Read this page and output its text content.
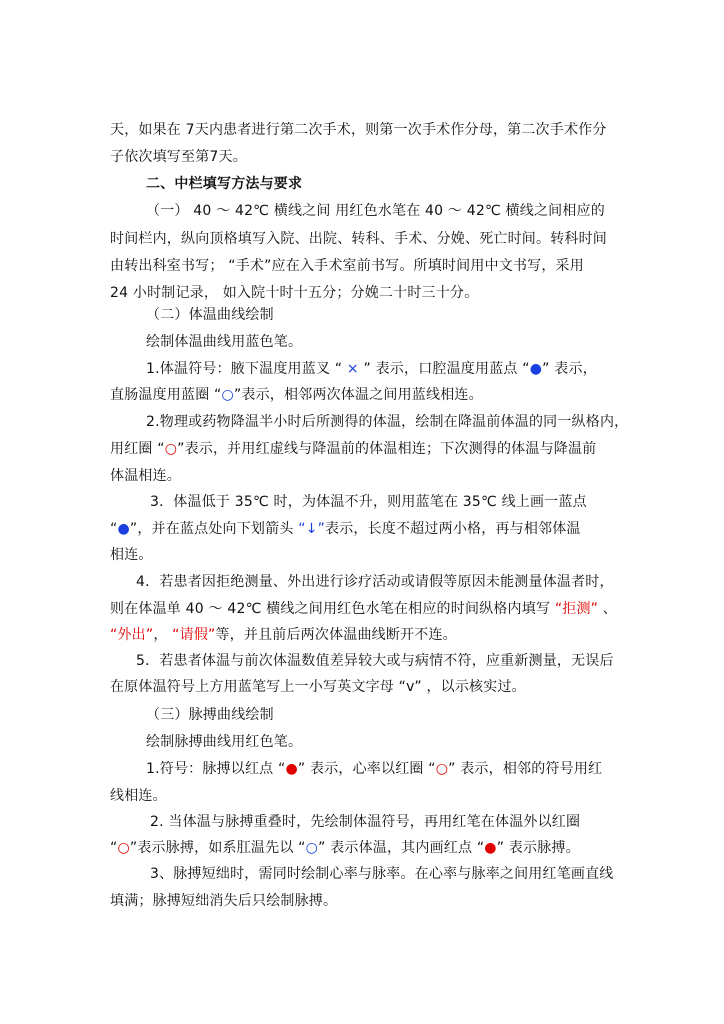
天，如果在 7天内患者进行第二次手术，则第一次手术作分母，第二次手术作分
子依次填写至第7天。
二、中栏填写方法与要求
（一） 40 ～ 42℃ 横线之间 用红色水笔在 40 ～ 42℃ 横线之间相应的
时间栏内，纵向顶格填写入院、出院、转科、手术、分娩、死亡时间。转科时间
由转出科室书写； “手术”应在入手术室前书写。所填时间用中文书写，采用
24 小时制记录， 如入院十时十五分；分娩二十时三十分。
（二）体温曲线绘制
绘制体温曲线用蓝色笔。
1.体温符号：腋下温度用蓝叉 “ × ” 表示，口腔温度用蓝点 “●” 表示，
直肠温度用蓝圈 “○”表示，相邻两次体温之间用蓝线相连。
2.物理或药物降温半小时后所测得的体温，绘制在降温前体温的同一纵格内，
用红圈 “○”表示，并用红虚线与降温前的体温相连；下次测得的体温与降温前
体温相连。
3．体温低于 35℃ 时，为体温不升，则用蓝笔在 35℃ 线上画一蓝点
“●”，并在蓝点处向下划箭头 “↓”表示，长度不超过两小格，再与相邻体温
相连。
4．若患者因拒绝测量、外出进行诊疗活动或请假等原因未能测量体温者时，
则在体温单 40 ～ 42℃ 横线之间用红色水笔在相应的时间纵格内填写 “拒测” 、
“外出”， “请假”等，并且前后两次体温曲线断开不连。
5．若患者体温与前次体温数值差异较大或与病情不符，应重新测量，无误后
在原体温符号上方用蓝笔写上一小写英文字母 “v” ，以示核实过。
（三）脉搏曲线绘制
绘制脉搏曲线用红色笔。
1.符号：脉搏以红点 “●” 表示，心率以红圈 “○” 表示，相邻的符号用红
线相连。
2. 当体温与脉搏重叠时，先绘制体温符号，再用红笔在体温外以红圈
“○”表示脉搏，如系肛温先以 “○” 表示体温，其内画红点 “●” 表示脉搏。
3、脉搏短绌时，需同时绘制心率与脉率。在心率与脉率之间用红笔画直线
填满；脉搏短绌消失后只绘制脉搏。
